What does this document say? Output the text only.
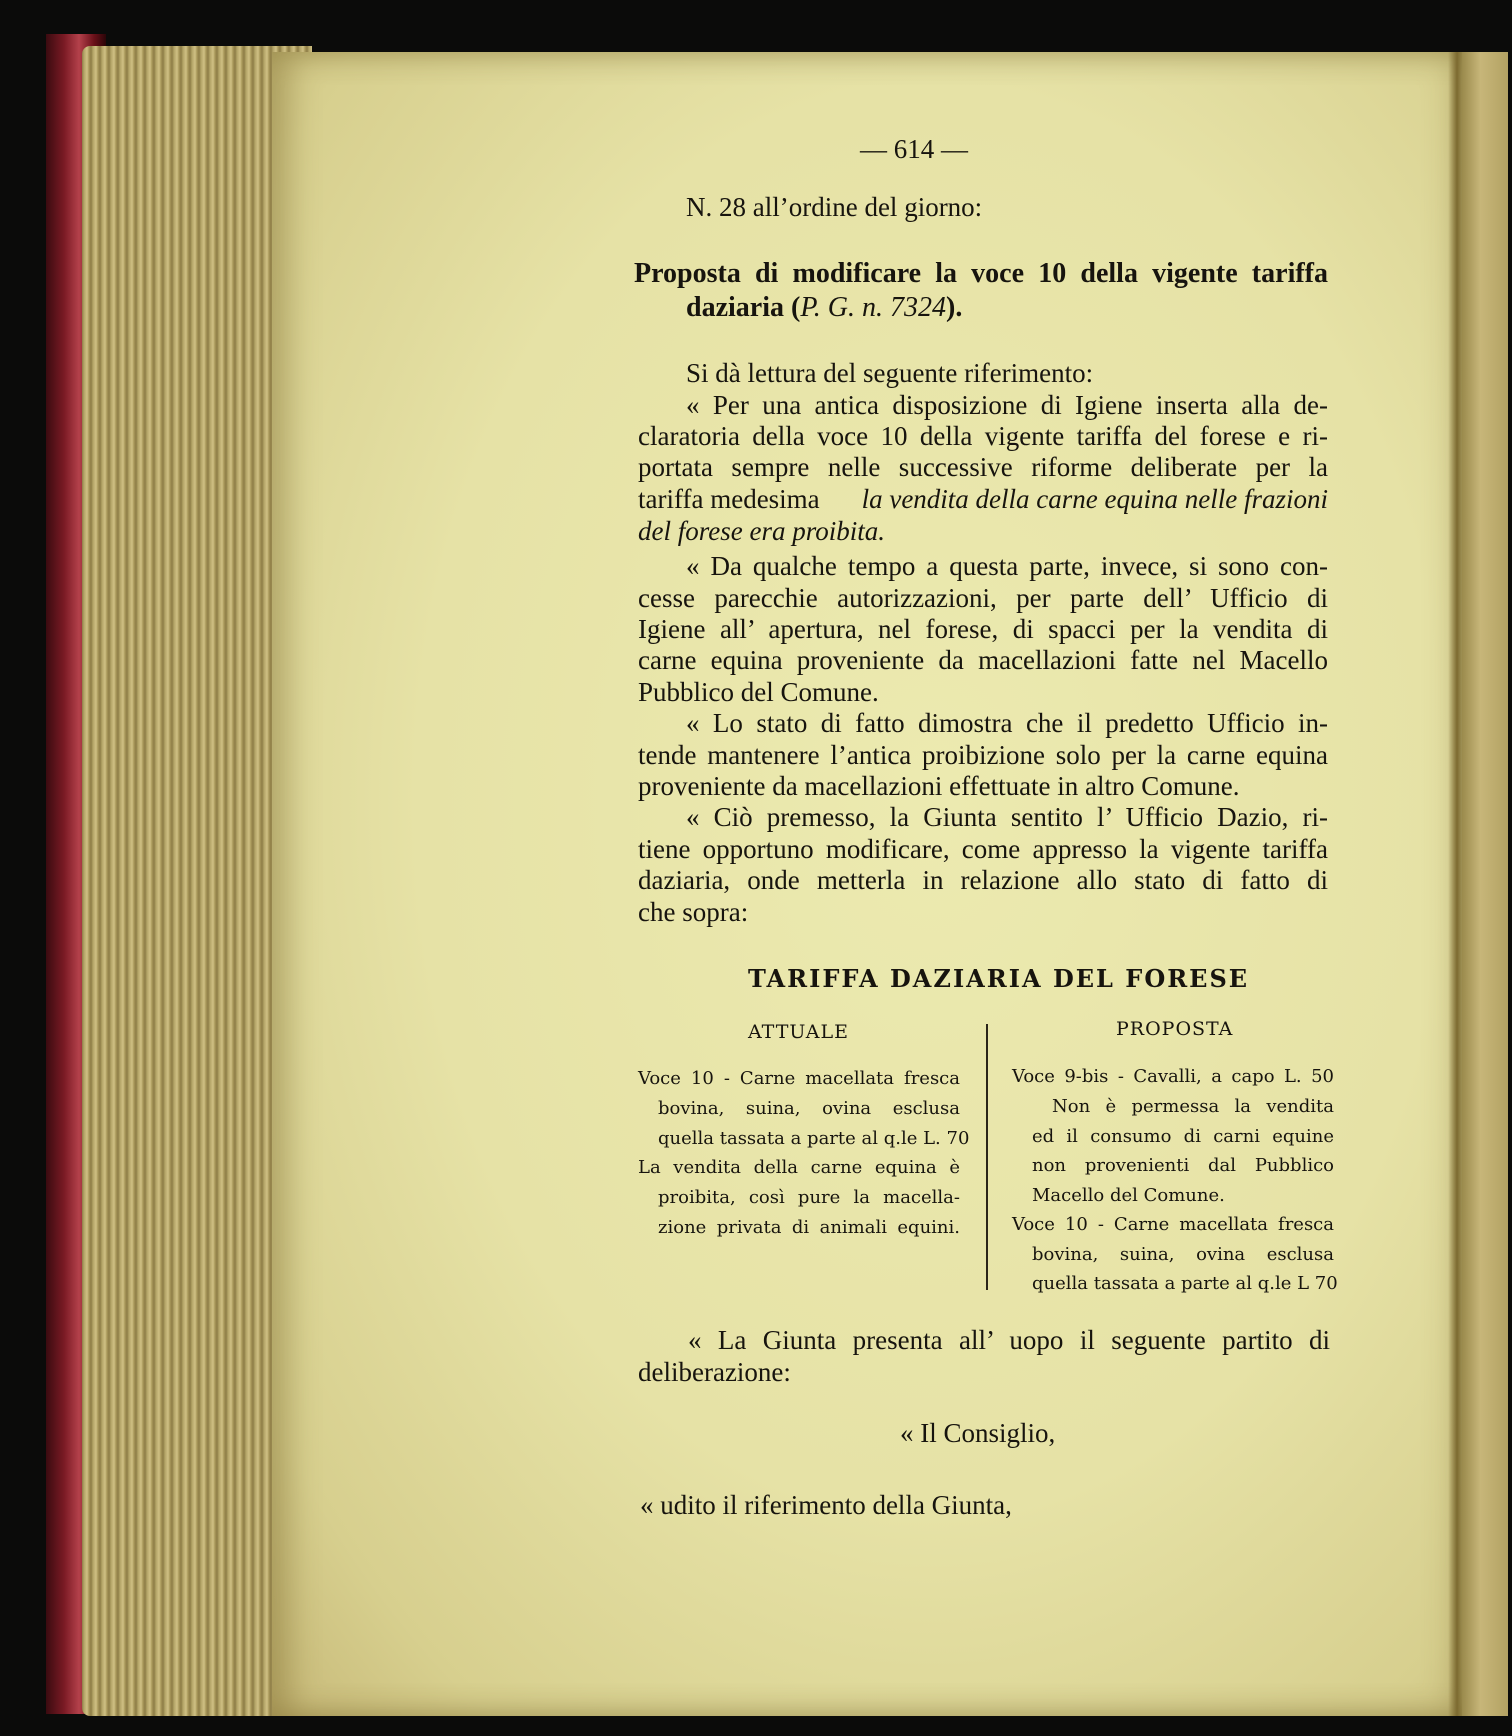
— 614 —
N. 28 all’ordine del giorno:
Proposta di modificare la voce 10 della vigente tariffa
daziaria (P. G. n. 7324).
Si dà lettura del seguente riferimento:
« Per una antica disposizione di Igiene inserta alla de-
claratoria della voce 10 della vigente tariffa del forese e ri-
portata sempre nelle successive riforme deliberate per la
tariffa medesima la vendita della carne equina nelle frazioni
del forese era proibita.
« Da qualche tempo a questa parte, invece, si sono con-
cesse parecchie autorizzazioni, per parte dell’ Ufficio di
Igiene all’ apertura, nel forese, di spacci per la vendita di
carne equina proveniente da macellazioni fatte nel Macello
Pubblico del Comune.
« Lo stato di fatto dimostra che il predetto Ufficio in-
tende mantenere l’antica proibizione solo per la carne equina
proveniente da macellazioni effettuate in altro Comune.
« Ciò premesso, la Giunta sentito l’ Ufficio Dazio, ri-
tiene opportuno modificare, come appresso la vigente tariffa
daziaria, onde metterla in relazione allo stato di fatto di
che sopra:
TARIFFA DAZIARIA DEL FORESE
ATTUALE	PROPOSTA
Voce 10 - Carne macellata fresca
bovina, suina, ovina esclusa
quella tassata a parte al q.le L. 70
La vendita della carne equina è
proibita, così pure la macella-
zione privata di animali equini.
Voce 9-bis - Cavalli, a capo L. 50
Non è permessa la vendita
ed il consumo di carni equine
non provenienti dal Pubblico
Macello del Comune.
Voce 10 - Carne macellata fresca
bovina, suina, ovina esclusa
quella tassata a parte al q.le L 70
« La Giunta presenta all’ uopo il seguente partito di
deliberazione:
« Il Consiglio,
« udito il riferimento della Giunta,
